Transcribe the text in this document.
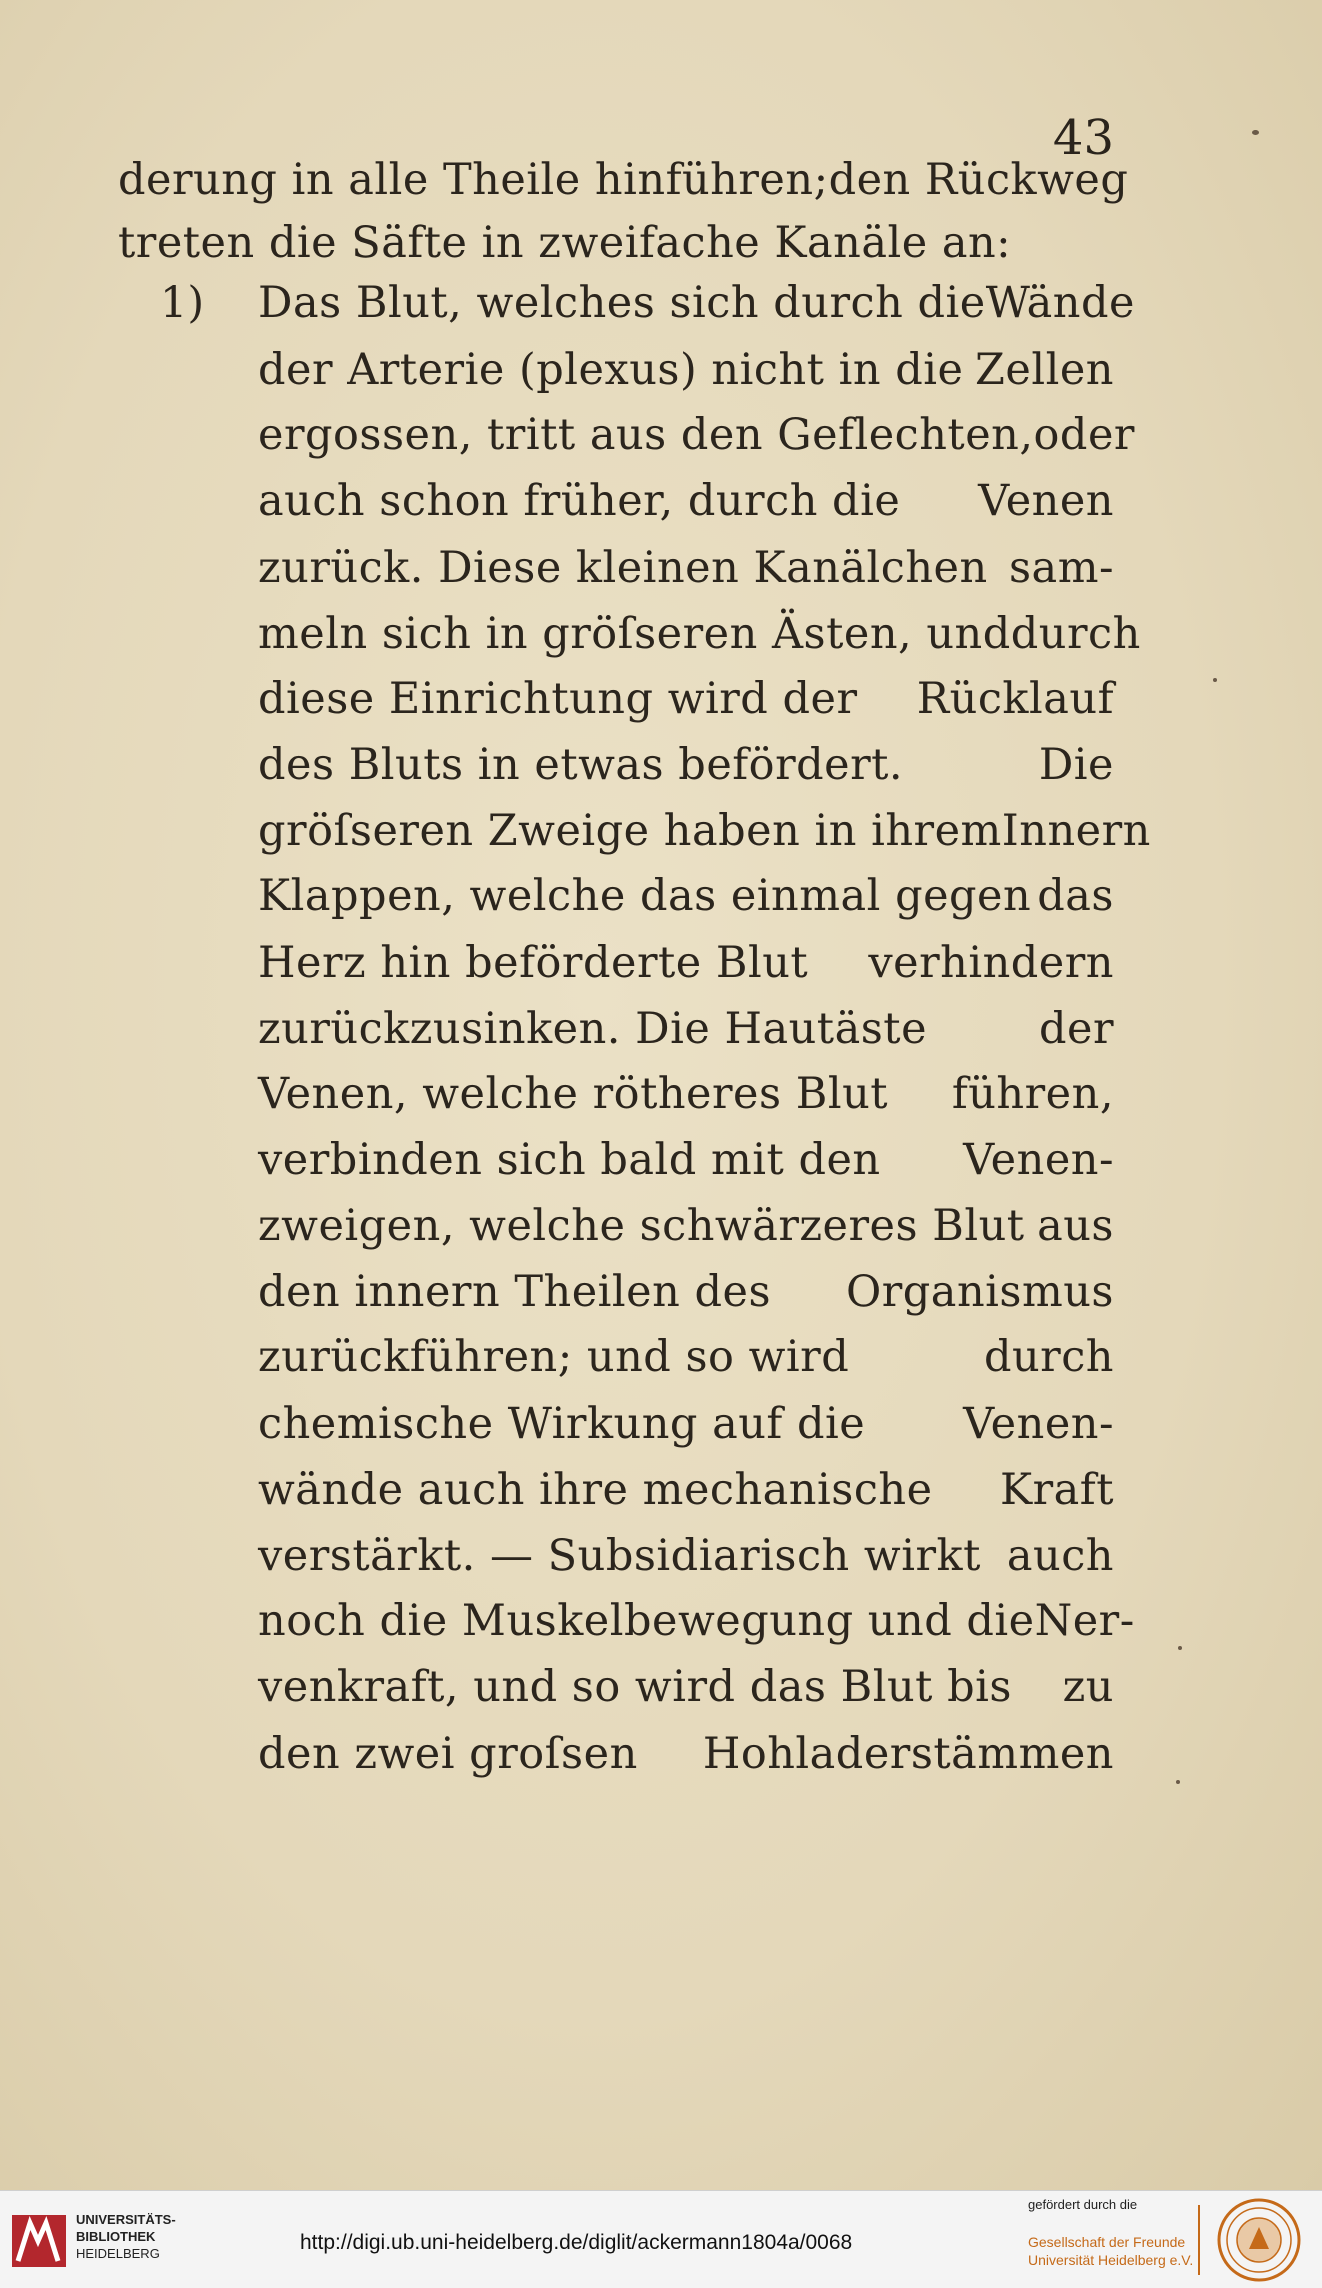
43
1)
derung in alle Theile hinführen; den Rückweg
treten die Säfte in zweifache Kanäle an:
Das Blut, welches sich durch die Wände
der Arterie (plexus) nicht in die Zellen
ergossen, tritt aus den Geflechten, oder
auch schon früher, durch die Venen
zurück. Diese kleinen Kanälchen sam-
meln sich in gröſseren Ästen, und durch
diese Einrichtung wird der Rücklauf
des Bluts in etwas befördert.	Die
gröſseren Zweige haben in ihrem Innern
Klappen, welche das einmal gegen das
Herz hin beförderte Blut verhindern
zurückzusinken. Die Hautäste	der
Venen, welche rötheres Blut führen,
verbinden sich bald mit den Venen-
zweigen, welche schwärzeres Blut aus
den innern Theilen des Organismus
zurückführen; und so wird	durch
chemische Wirkung auf die Venen-
wände auch ihre mechanische Kraft
verstärkt. — Subsidiarisch wirkt auch
noch die Muskelbewegung und die Ner-
venkraft, und so wird das Blut bis zu
den zwei groſsen Hohladerstämmen
UNIVERSITÄTS-
BIBLIOTHEK
HEIDELBERG	http://digi.ub.uni-heidelberg.de/diglit/ackermann1804a/0068
gefördert durch die
Gesellschaft der Freunde
Universität Heidelberg e.V.
